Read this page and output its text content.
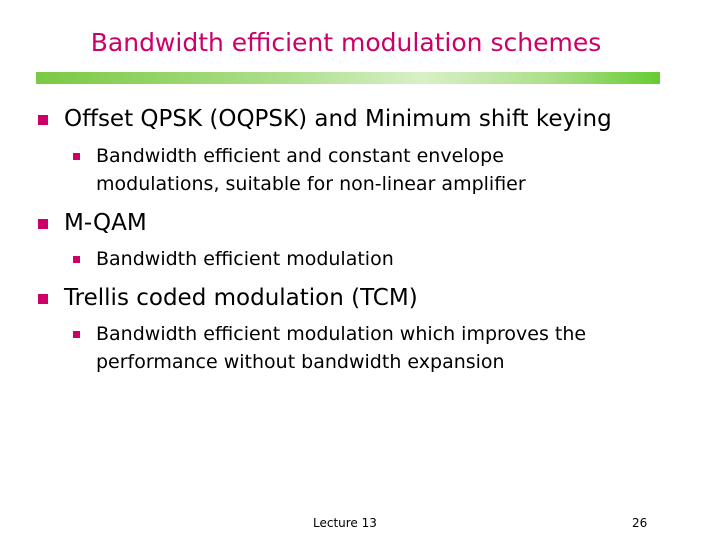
Bandwidth efficient modulation schemes
Offset QPSK (OQPSK) and Minimum shift keying
Bandwidth efficient and constant envelope
modulations, suitable for non-linear amplifier
M-QAM
Bandwidth efficient modulation
Trellis coded modulation (TCM)
Bandwidth efficient modulation which improves the
performance without bandwidth expansion
Lecture 13	26
